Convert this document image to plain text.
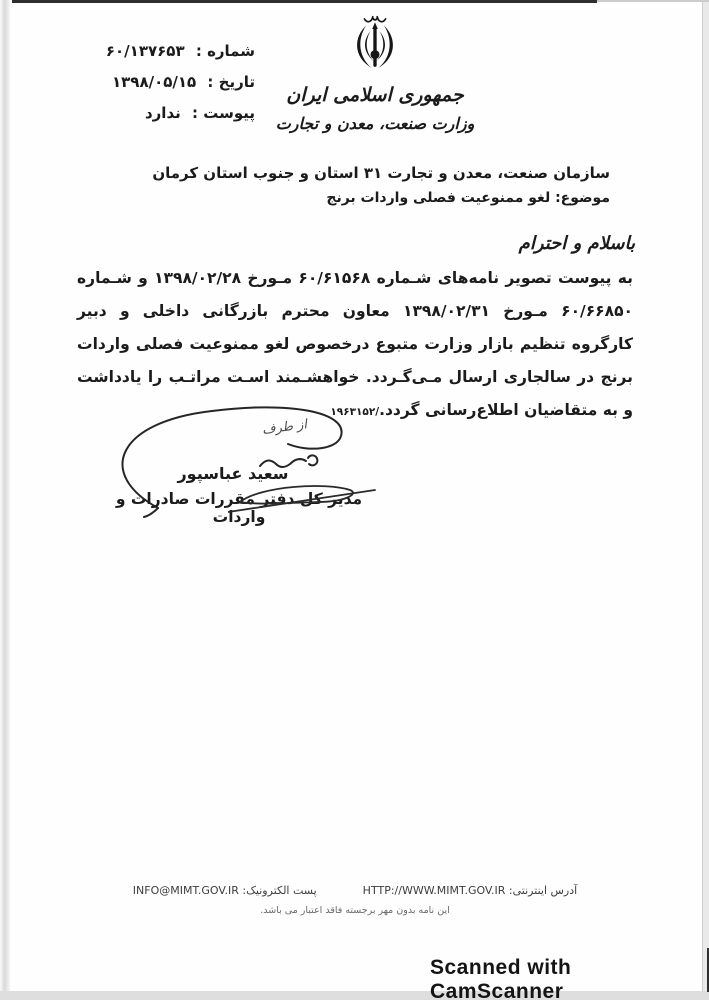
شماره : ۶۰/۱۳۷۶۵۳
تاریخ : ۱۳۹۸/۰۵/۱۵
پیوست : ندارد
جمهوری اسلامی ایران
وزارت صنعت، معدن و تجارت
سازمان صنعت، معدن و تجارت ۳۱ استان و جنوب استان کرمان
موضوع: لغو ممنوعیت فصلی واردات برنج
باسلام و احترام

به پیوست تصویر نامه‌های شـماره ۶۰/۶۱۵۶۸ مـورخ ۱۳۹۸/۰۲/۲۸ و شـماره ۶۰/۶۶۸۵۰ مـورخ ۱۳۹۸/۰۲/۳۱ معاون محترم بازرگانی داخلی و دبیر کارگروه تنظیم بازار وزارت متبوع درخصوص لغو ممنوعیت فصلی واردات برنج در سالجاری ارسال مـی‌گـردد. خواهشـمند اسـت مراتـب را یادداشت و به متقاضیان اطلاع‌رسانی گردد./۱۹۶۳۱۵۲

از طرف
سعید عباسپور
مدیر کل دفتر مقررات صادرات و واردات
آدرس اینترنتی: HTTP://WWW.MIMT.GOV.IR
پست الکترونیک: INFO@MIMT.GOV.IR
این نامه بدون مهر برجسته فاقد اعتبار می باشد.
Scanned with CamScanner
